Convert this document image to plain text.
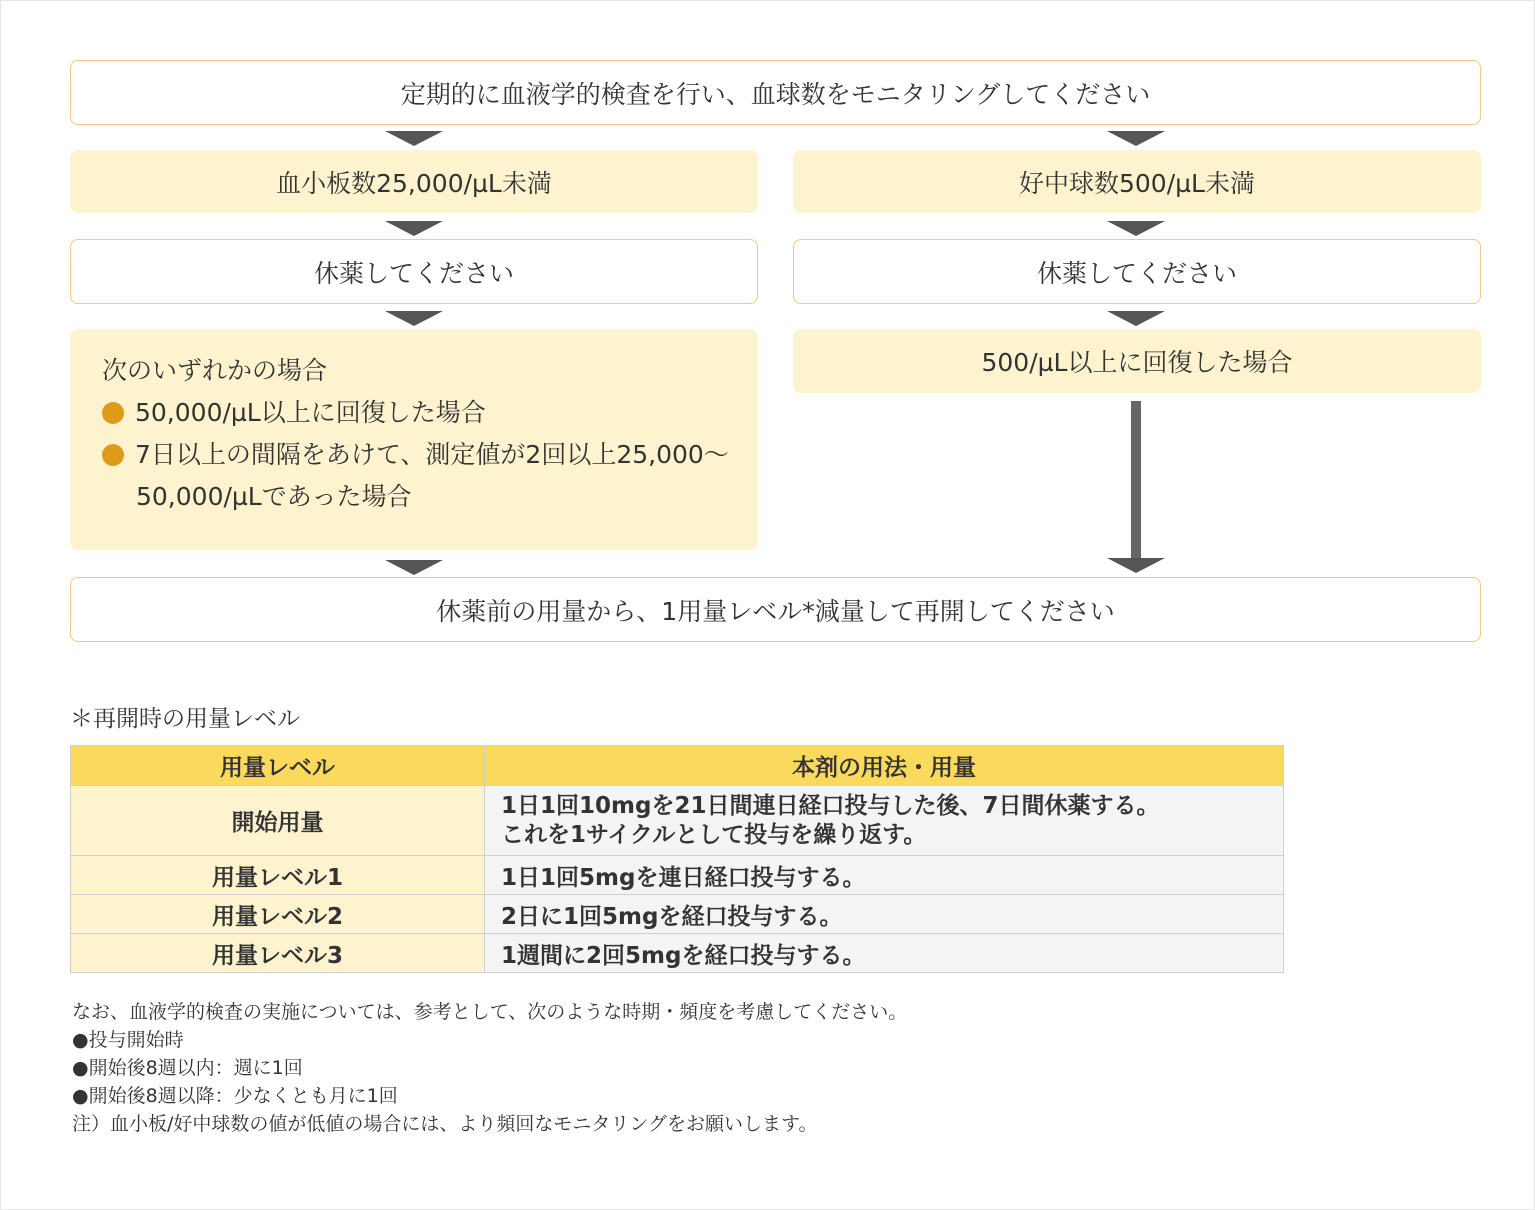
定期的に血液学的検査を行い、血球数をモニタリングしてください
血小板数25,000/µL未満	好中球数500/µL未満
休薬してください	休薬してください
次のいずれかの場合
50,000/µL以上に回復した場合
7日以上の間隔をあけて、測定値が2回以上25,000～
50,000/µLであった場合
500/µL以上に回復した場合
休薬前の用量から、1用量レベル*減量して再開してください
＊再開時の用量レベル
用量レベル	本剤の用法・用量
開始用量	1日1回10mgを21日間連日経口投与した後、7日間休薬する。
これを1サイクルとして投与を繰り返す。

用量レベル1	1日1回5mgを連日経口投与する。
用量レベル2	2日に1回5mgを経口投与する。
用量レベル3	1週間に2回5mgを経口投与する。
なお、血液学的検査の実施については、参考として、次のような時期・頻度を考慮してください。
●投与開始時
●開始後8週以内：週に1回
●開始後8週以降：少なくとも月に1回
注）血小板/好中球数の値が低値の場合には、より頻回なモニタリングをお願いします。
